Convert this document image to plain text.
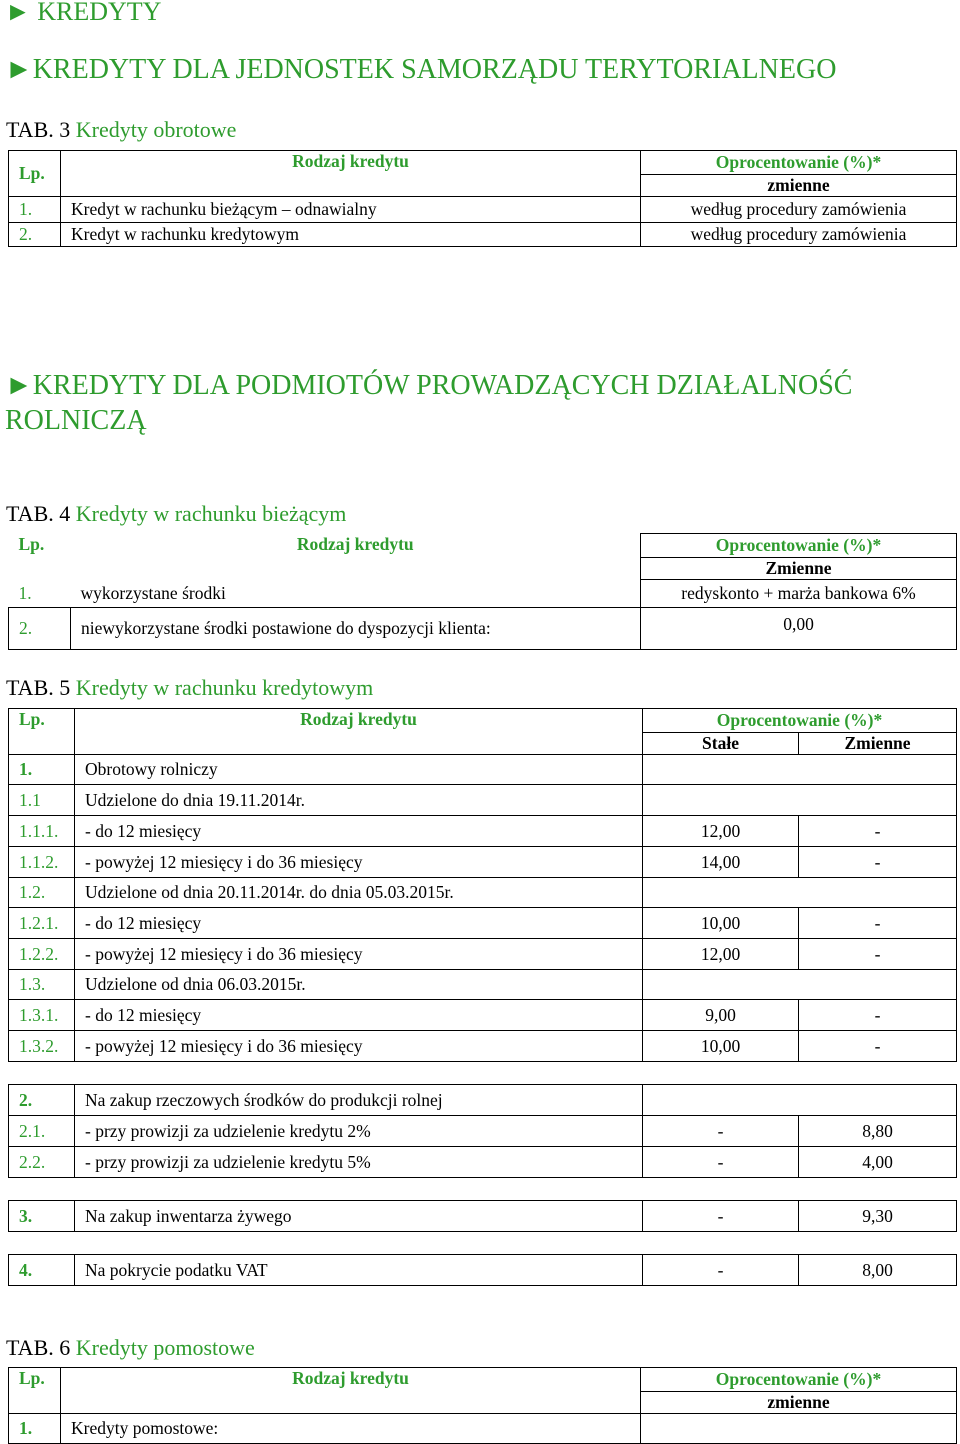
► KREDYTY
►KREDYTY DLA JEDNOSTEK SAMORZĄDU TERYTORIALNEGO
TAB. 3 Kredyty obrotowe
Lp.	Rodzaj kredytu	Oprocentowanie (%)*
		zmienne
1.	Kredyt w rachunku bieżącym – odnawialny	według procedury zamówienia
2.	Kredyt w rachunku kredytowym	według procedury zamówienia
►KREDYTY DLA PODMIOTÓW PROWADZĄCYCH DZIAŁALNOŚĆ
ROLNICZĄ
TAB. 4 Kredyty w rachunku bieżącym
Lp.	Rodzaj kredytu	Oprocentowanie (%)*
		Zmienne
1.	wykorzystane środki	redyskonto + marża bankowa 6%
2.	niewykorzystane środki postawione do dyspozycji klienta:	0,00
TAB. 5 Kredyty w rachunku kredytowym
Lp.	Rodzaj kredytu	Oprocentowanie (%)*	
		Stałe	Zmienne
1.	Obrotowy rolniczy		
1.1	Udzielone do dnia 19.11.2014r.		
1.1.1.	- do 12 miesięcy	12,00	-
1.1.2.	- powyżej 12 miesięcy i do 36 miesięcy	14,00	-
1.2.	Udzielone od dnia 20.11.2014r. do dnia 05.03.2015r.		
1.2.1.	- do 12 miesięcy	10,00	-
1.2.2.	- powyżej 12 miesięcy i do 36 miesięcy	12,00	-
1.3.	Udzielone od dnia 06.03.2015r.		
1.3.1.	- do 12 miesięcy	9,00	-
1.3.2.	- powyżej 12 miesięcy i do 36 miesięcy	10,00	-

2.	Na zakup rzeczowych środków do produkcji rolnej		
2.1.	- przy prowizji za udzielenie kredytu 2%	-	8,80
2.2.	- przy prowizji za udzielenie kredytu 5%	-	4,00

3.	Na zakup inwentarza żywego	-	9,30

4.	Na pokrycie podatku VAT	-	8,00
TAB. 6 Kredyty pomostowe
Lp.	Rodzaj kredytu	Oprocentowanie (%)*
		zmienne
1.	Kredyty pomostowe:	
